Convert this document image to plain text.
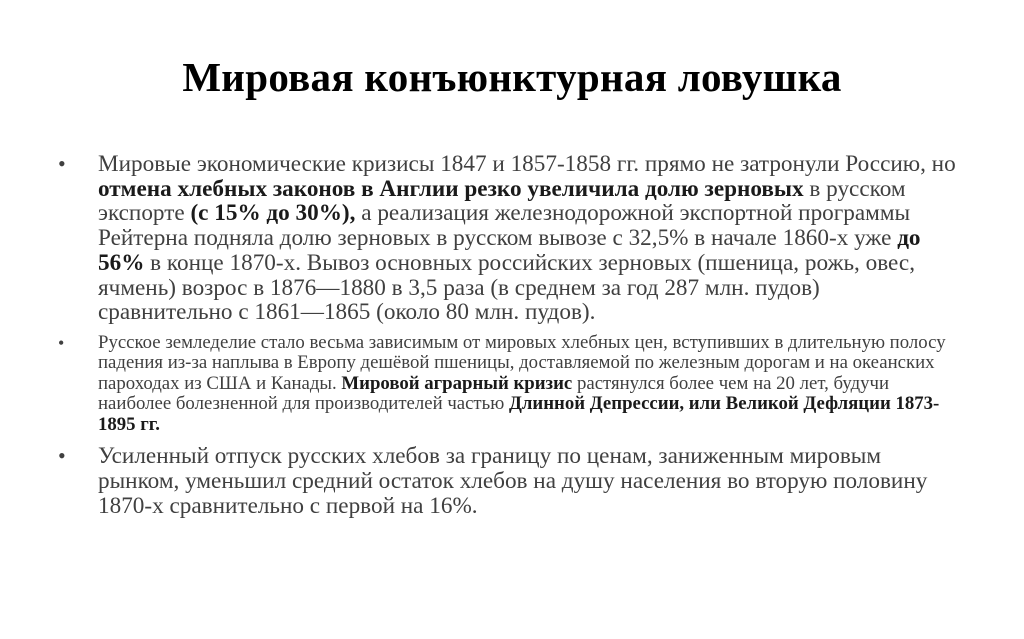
Мировая конъюнктурная ловушка
•	Мировые экономические кризисы 1847 и 1857-1858 гг. прямо не затронули Россию, но отмена хлебных законов в Англии резко увеличила долю зерновых в русском экспорте (с 15% до 30%), а реализация железнодорожной экспортной программы Рейтерна подняла долю зерновых в русском вывозе с 32,5% в начале 1860-х уже до 56% в конце 1870-х. Вывоз основных российских зерновых (пшеница, рожь, овес, ячмень) возрос в 1876—1880 в 3,5 раза (в среднем за год 287 млн. пудов) сравнительно с 1861—1865 (около 80 млн. пудов).
•	Русское земледелие стало весьма зависимым от мировых хлебных цен, вступивших в длительную полосу падения из-за наплыва в Европу дешёвой пшеницы, доставляемой по железным дорогам и на океанских пароходах из США и Канады. Мировой аграрный кризис растянулся более чем на 20 лет, будучи наиболее болезненной для производителей частью Длинной Депрессии, или Великой Дефляции 1873-1895 гг.
•	Усиленный отпуск русских хлебов за границу по ценам, заниженным мировым рынком, уменьшил средний остаток хлебов на душу населения во вторую половину 1870-х сравнительно с первой на 16%.
